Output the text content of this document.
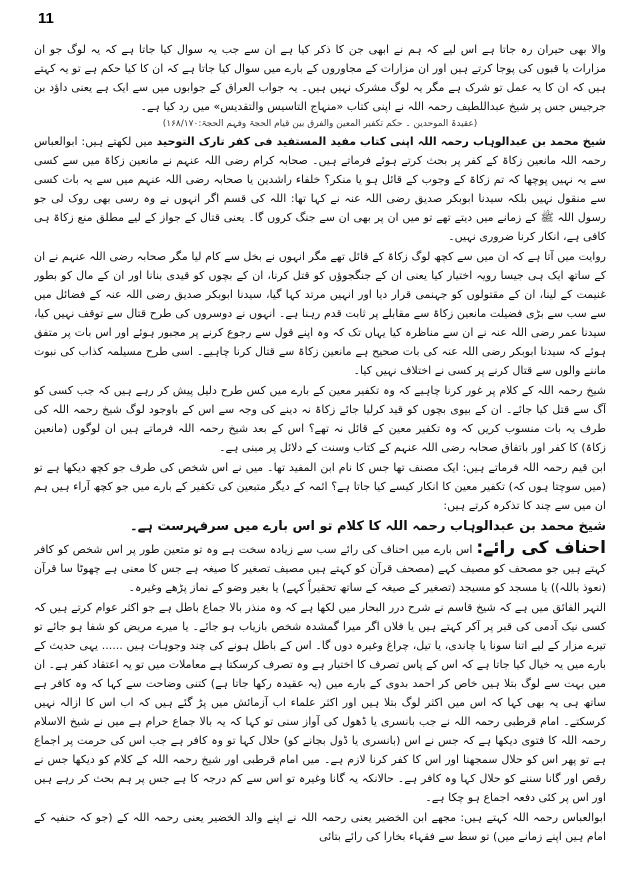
11

والا بھی حیران رہ جاتا ہے اس لیے کہ ہم نے ابھی جن کا ذکر کیا ہے ان سے جب یہ سوال کیا جاتا ہے کہ یہ لوگ جو ان مزارات یا قبوں کی پوجا کرتے ہیں اور ان مزارات کے مجاوروں کے بارے میں سوال کیا جاتا ہے کہ ان کا کیا حکم ہے تو یہ کہتے ہیں کہ ان کا یہ عمل تو شرک ہے مگر یہ لوگ مشرک نہیں ہیں۔ یہ جواب العراق کے جوابوں میں سے ایک ہے یعنی داؤد بن جرجیس جس پر شیخ عبداللطیف رحمہ اللہ نے اپنی کتاب «منہاج التاسیس والتقدیس» میں رد کیا ہے۔

(عقیدۃ الموحدین ۔ حکم تکفیر المعین والفرق بین قیام الحجۃ وفہم الحجۃ:۱۶۸/۱۷۰)

شیخ محمد بن عبدالوہاب رحمہ اللہ اپنی کتاب مفید المستفید فی کفر تارک التوحید میں لکھتے ہیں: ابوالعباس رحمہ اللہ مانعین زکاۃ کے کفر پر بحث کرتے ہوئے فرماتے ہیں۔ صحابہ کرام رضی اللہ عنہم نے مانعین زکاۃ میں سے کسی سے یہ نہیں پوچھا کہ تم زکاۃ کے وجوب کے قائل ہو یا منکر؟ خلفاء راشدین یا صحابہ رضی اللہ عنہم میں سے یہ بات کسی سے منقول نہیں بلکہ سیدنا ابوبکر صدیق رضی اللہ عنہ نے کہا تھا: اللہ کی قسم اگر انہوں نے وہ رسی بھی روک لی جو رسول اللہ ﷺ کے زمانے میں دیتے تھے تو میں ان پر بھی ان سے جنگ کروں گا۔ یعنی قتال کے جواز کے لیے مطلق منع زکاۃ ہی کافی ہے، انکار کرنا ضروری نہیں۔

روایت میں آتا ہے کہ ان میں سے کچھ لوگ زکاۃ کے قائل تھے مگر انہوں نے بخل سے کام لیا مگر صحابہ رضی اللہ عنہم نے ان کے ساتھ ایک ہی جیسا رویہ اختیار کیا یعنی ان کے جنگجوؤں کو قتل کرنا، ان کے بچوں کو قیدی بنانا اور ان کے مال کو بطور غنیمت کے لینا، ان کے مقتولوں کو جہنمی قرار دیا اور انہیں مرتد کہا گیا، سیدنا ابوبکر صدیق رضی اللہ عنہ کے فضائل میں سے سب سے بڑی فضیلت مانعین زکاۃ سے مقابلے پر ثابت قدم رہنا ہے۔ انہوں نے دوسروں کی طرح قتال سے توقف نہیں کیا، سیدنا عمر رضی اللہ عنہ نے ان سے مناظرہ کیا یہاں تک کہ وہ اپنے قول سے رجوع کرنے پر مجبور ہوئے اور اس بات پر متفق ہوئے کہ سیدنا ابوبکر رضی اللہ عنہ کی بات صحیح ہے مانعین زکاۃ سے قتال کرنا چاہیے۔ اسی طرح مسیلمہ کذاب کی نبوت ماننے والوں سے قتال کرنے پر کسی نے اختلاف نہیں کیا۔

شیخ رحمہ اللہ کے کلام پر غور کرنا چاہیے کہ وہ تکفیر معین کے بارے میں کس طرح دلیل پیش کر رہے ہیں کہ جب کسی کو آگ سے قتل کیا جائے۔ ان کے بیوی بچوں کو قید کرلیا جائے زکاۃ نہ دینے کی وجہ سے اس کے باوجود لوگ شیخ رحمہ اللہ کی طرف یہ بات منسوب کریں کہ وہ تکفیر معین کے قائل نہ تھے؟ اس کے بعد شیخ رحمہ اللہ فرماتے ہیں ان لوگوں (مانعین زکاۃ) کا کفر اور باتفاق صحابہ رضی اللہ عنہم کے کتاب وسنت کے دلائل پر مبنی ہے۔

ابن قیم رحمہ اللہ فرماتے ہیں: ایک مصنف تھا جس کا نام ابن المفید تھا۔ میں نے اس شخص کی طرف جو کچھ دیکھا ہے تو (میں سوچتا ہوں کہ) تکفیر معین کا انکار کیسے کیا جاتا ہے؟ ائمہ کے دیگر متبعین کی تکفیر کے بارے میں جو کچھ آراء ہیں ہم ان میں سے چند کا تذکرہ کرتے ہیں:

شیخ محمد بن عبدالوہاب رحمہ اللہ کا کلام تو اس بارے میں سرفہرست ہے۔

احناف کی رائے: اس بارے میں احناف کی رائے سب سے زیادہ سخت ہے وہ تو متعین طور پر اس شخص کو کافر کہتے ہیں جو مصحف کو مصیف کہے (مصحف قرآن کو کہتے ہیں مصیف تصغیر کا صیغہ ہے جس کا معنی ہے چھوٹا سا قرآن (نعوذ باللہ)) یا مسجد کو مسیجد (تصغیر کے صیغہ کے ساتھ تحقیراً کہے) یا بغیر وضو کے نماز پڑھے وغیرہ۔

النہر الفائق میں ہے کہ شیخ قاسم نے شرح درر البحار میں لکھا ہے کہ وہ منذر بالا جماع باطل ہے جو اکثر عوام کرتے ہیں کہ کسی نیک آدمی کی قبر پر آکر کہتے ہیں یا فلاں اگر میرا گمشدہ شخص بازیاب ہو جائے۔ یا میرے مریض کو شفا ہو جائے تو تیرے مزار کے لیے اتنا سونا یا چاندی، یا تیل، چراغ وغیرہ دوں گا۔ اس کے باطل ہونے کی چند وجوہات ہیں ...... یہی حدیث کے بارے میں یہ خیال کیا جاتا ہے کہ اس کے پاس تصرف کا اختیار ہے وہ تصرف کرسکتا ہے معاملات میں تو یہ اعتقاد کفر ہے۔ ان میں بہت سے لوگ بتلا ہیں خاص کر احمد بدوی کے بارے میں (یہ عقیدہ رکھا جاتا ہے) کتنی وضاحت سے کہا کہ وہ کافر ہے ساتھ ہی یہ بھی کہا کہ اس میں اکثر لوگ بتلا ہیں اور اکثر علماء اب آزمائش میں پڑ گئے ہیں کہ اب اس کا ازالہ نہیں کرسکتے۔ امام قرطبی رحمہ اللہ نے جب بانسری یا ڈھول کی آواز سنی تو کہا کہ یہ بالا جماع حرام ہے میں نے شیخ الاسلام رحمہ اللہ کا فتوی دیکھا ہے کہ جس نے اس (بانسری یا ڈول بجانے کو) حلال کہا تو وہ کافر ہے جب اس کی حرمت پر اجماع ہے تو پھر اس کو حلال سمجھنا اور اس کا کفر کرنا لازم ہے۔ میں امام قرطبی اور شیخ رحمہ اللہ کے کلام کو دیکھا جس نے رقص اور گانا سننے کو حلال کہا وہ کافر ہے۔ حالانکہ یہ گانا وغیرہ تو اس سے کم درجہ کا ہے جس پر ہم بحث کر رہے ہیں اور اس پر کئی دفعہ اجماع ہو چکا ہے۔

ابوالعباس رحمہ اللہ کہتے ہیں: مجھے ابن الخضیر یعنی رحمہ اللہ نے اپنے والد الخضیر یعنی رحمہ اللہ کے (جو کہ حنفیہ کے امام ہیں اپنے زمانے میں) تو سط سے فقہاء بخارا کی رائے بتائی
